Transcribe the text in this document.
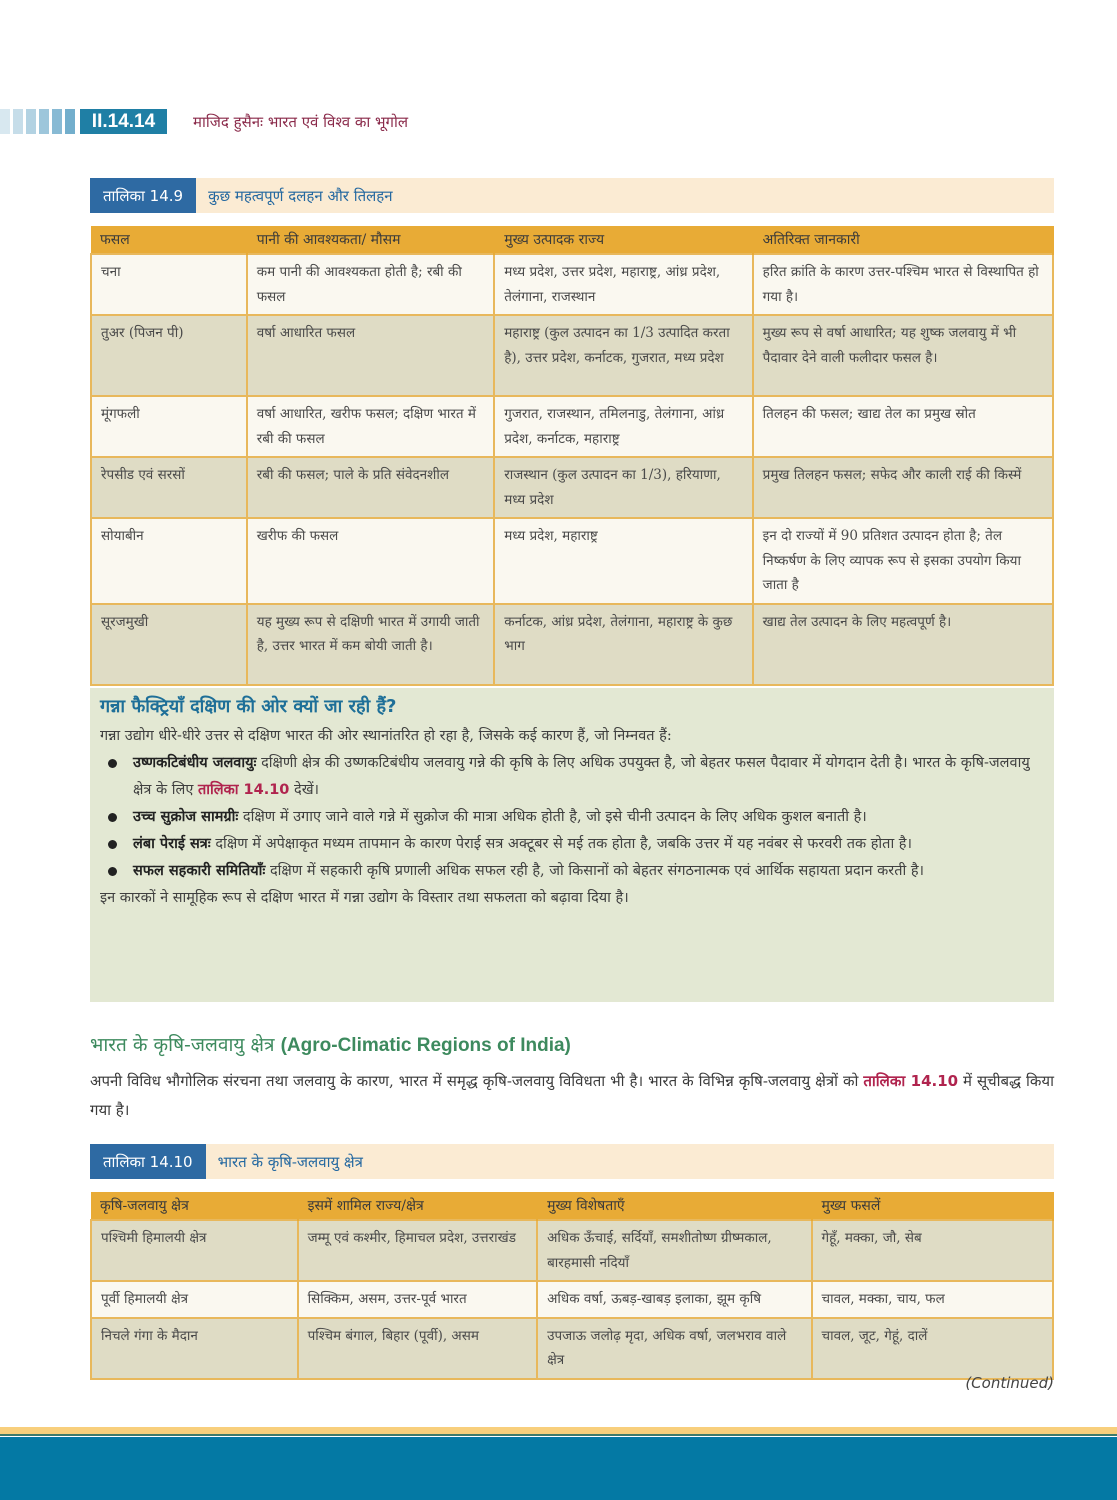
II.14.14	माजिद हुसैनः भारत एवं विश्व का भूगोल
तालिका 14.9	कुछ महत्वपूर्ण दलहन और तिलहन
फसल	पानी की आवश्यकता/ मौसम	मुख्य उत्पादक राज्य	अतिरिक्त जानकारी
चना	कम पानी की आवश्यकता होती है; रबी की फसल	मध्य प्रदेश, उत्तर प्रदेश, महाराष्ट्र, आंध्र प्रदेश, तेलंगाना, राजस्थान	हरित क्रांति के कारण उत्तर-पश्चिम भारत से विस्थापित हो गया है।
तुअर (पिजन पी)	वर्षा आधारित फसल	महाराष्ट्र (कुल उत्पादन का 1/3 उत्पादित करता है), उत्तर प्रदेश, कर्नाटक, गुजरात, मध्य प्रदेश	मुख्य रूप से वर्षा आधारित; यह शुष्क जलवायु में भी पैदावार देने वाली फलीदार फसल है।
मूंगफली	वर्षा आधारित, खरीफ फसल; दक्षिण भारत में रबी की फसल	गुजरात, राजस्थान, तमिलनाडु, तेलंगाना, आंध्र प्रदेश, कर्नाटक, महाराष्ट्र	तिलहन की फसल; खाद्य तेल का प्रमुख स्रोत
रेपसीड एवं सरसों	रबी की फसल; पाले के प्रति संवेदनशील	राजस्थान (कुल उत्पादन का 1/3), हरियाणा, मध्य प्रदेश	प्रमुख तिलहन फसल; सफेद और काली राई की किस्में
सोयाबीन	खरीफ की फसल	मध्य प्रदेश, महाराष्ट्र	इन दो राज्यों में 90 प्रतिशत उत्पादन होता है; तेल निष्कर्षण के लिए व्यापक रूप से इसका उपयोग किया जाता है
सूरजमुखी	यह मुख्य रूप से दक्षिणी भारत में उगायी जाती है, उत्तर भारत में कम बोयी जाती है।	कर्नाटक, आंध्र प्रदेश, तेलंगाना, महाराष्ट्र के कुछ भाग	खाद्य तेल उत्पादन के लिए महत्वपूर्ण है।
गन्ना फैक्ट्रियाँ दक्षिण की ओर क्यों जा रही हैं?

गन्ना उद्योग धीरे-धीरे उत्तर से दक्षिण भारत की ओर स्थानांतरित हो रहा है, जिसके कई कारण हैं, जो निम्नवत हैं:

उष्णकटिबंधीय जलवायुः दक्षिणी क्षेत्र की उष्णकटिबंधीय जलवायु गन्ने की कृषि के लिए अधिक उपयुक्त है, जो बेहतर फसल पैदावार में योगदान देती है। भारत के कृषि-जलवायु क्षेत्र के लिए तालिका 14.10 देखें।
उच्च सुक्रोज सामग्रीः दक्षिण में उगाए जाने वाले गन्ने में सुक्रोज की मात्रा अधिक होती है, जो इसे चीनी उत्पादन के लिए अधिक कुशल बनाती है।
लंबा पेराई सत्रः दक्षिण में अपेक्षाकृत मध्यम तापमान के कारण पेराई सत्र अक्टूबर से मई तक होता है, जबकि उत्तर में यह नवंबर से फरवरी तक होता है।
सफल सहकारी समितियाँः दक्षिण में सहकारी कृषि प्रणाली अधिक सफल रही है, जो किसानों को बेहतर संगठनात्मक एवं आर्थिक सहायता प्रदान करती है।

इन कारकों ने सामूहिक रूप से दक्षिण भारत में गन्ना उद्योग के विस्तार तथा सफलता को बढ़ावा दिया है।

भारत के कृषि-जलवायु क्षेत्र (Agro-Climatic Regions of India)

अपनी विविध भौगोलिक संरचना तथा जलवायु के कारण, भारत में समृद्ध कृषि-जलवायु विविधता भी है। भारत के विभिन्न कृषि-जलवायु क्षेत्रों को तालिका 14.10 में सूचीबद्ध किया गया है।

तालिका 14.10	भारत के कृषि-जलवायु क्षेत्र
कृषि-जलवायु क्षेत्र	इसमें शामिल राज्य/क्षेत्र	मुख्य विशेषताएँ	मुख्य फसलें
पश्चिमी हिमालयी क्षेत्र	जम्मू एवं कश्मीर, हिमाचल प्रदेश, उत्तराखंड	अधिक ऊँचाई, सर्दियाँ, समशीतोष्ण ग्रीष्मकाल, बारहमासी नदियाँ	गेहूँ, मक्का, जौ, सेब
पूर्वी हिमालयी क्षेत्र	सिक्किम, असम, उत्तर-पूर्व भारत	अधिक वर्षा, ऊबड़-खाबड़ इलाका, झूम कृषि	चावल, मक्का, चाय, फल
निचले गंगा के मैदान	पश्चिम बंगाल, बिहार (पूर्वी), असम	उपजाऊ जलोढ़ मृदा, अधिक वर्षा, जलभराव वाले क्षेत्र	चावल, जूट, गेहूं, दालें
(Continued)
